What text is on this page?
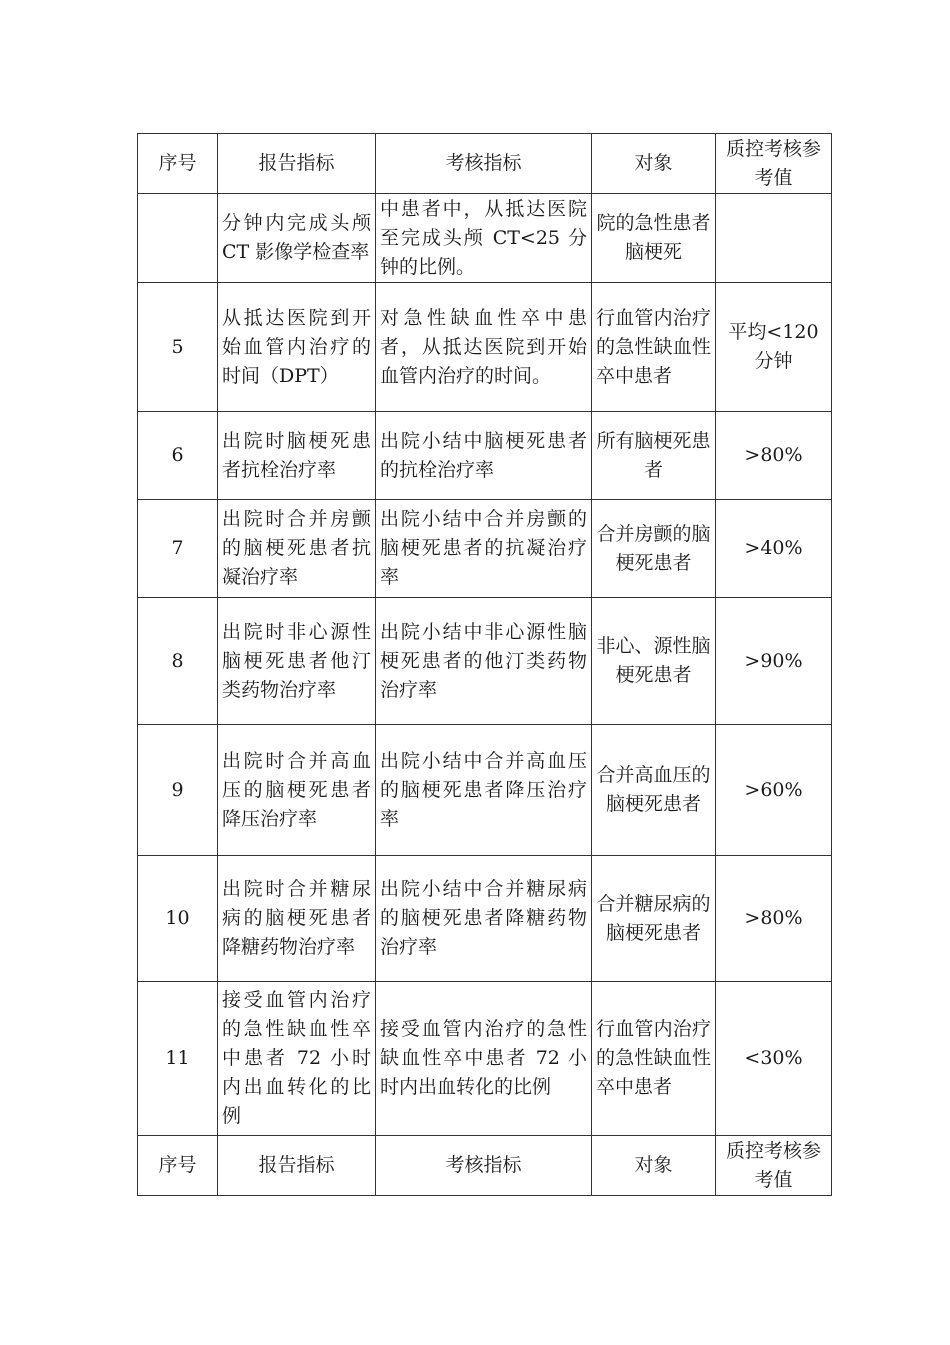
序号	报告指标	考核指标	对象	质控考核参考值
	分钟内完成头颅 CT 影像学检查率	中患者中，从抵达医院至完成头颅 CT<25 分钟的比例。	院的急性患者脑梗死	
5	从抵达医院到开始血管内治疗的时间（DPT）	对急性缺血性卒中患者，从抵达医院到开始血管内治疗的时间。	行血管内治疗的急性缺血性卒中患者	平均<120 分钟
6	出院时脑梗死患者抗栓治疗率	出院小结中脑梗死患者的抗栓治疗率	所有脑梗死患者	>80%
7	出院时合并房颤的脑梗死患者抗凝治疗率	出院小结中合并房颤的脑梗死患者的抗凝治疗率	合并房颤的脑梗死患者	>40%
8	出院时非心源性脑梗死患者他汀类药物治疗率	出院小结中非心源性脑梗死患者的他汀类药物治疗率	非心、源性脑梗死患者	>90%
9	出院时合并高血压的脑梗死患者降压治疗率	出院小结中合并高血压的脑梗死患者降压治疗率	合并高血压的脑梗死患者	>60%
10	出院时合并糖尿病的脑梗死患者降糖药物治疗率	出院小结中合并糖尿病的脑梗死患者降糖药物治疗率	合并糖尿病的脑梗死患者	>80%
11	接受血管内治疗的急性缺血性卒中患者 72 小时内出血转化的比例	接受血管内治疗的急性缺血性卒中患者 72 小时内出血转化的比例	行血管内治疗的急性缺血性卒中患者	<30%
序号	报告指标	考核指标	对象	质控考核参考值
